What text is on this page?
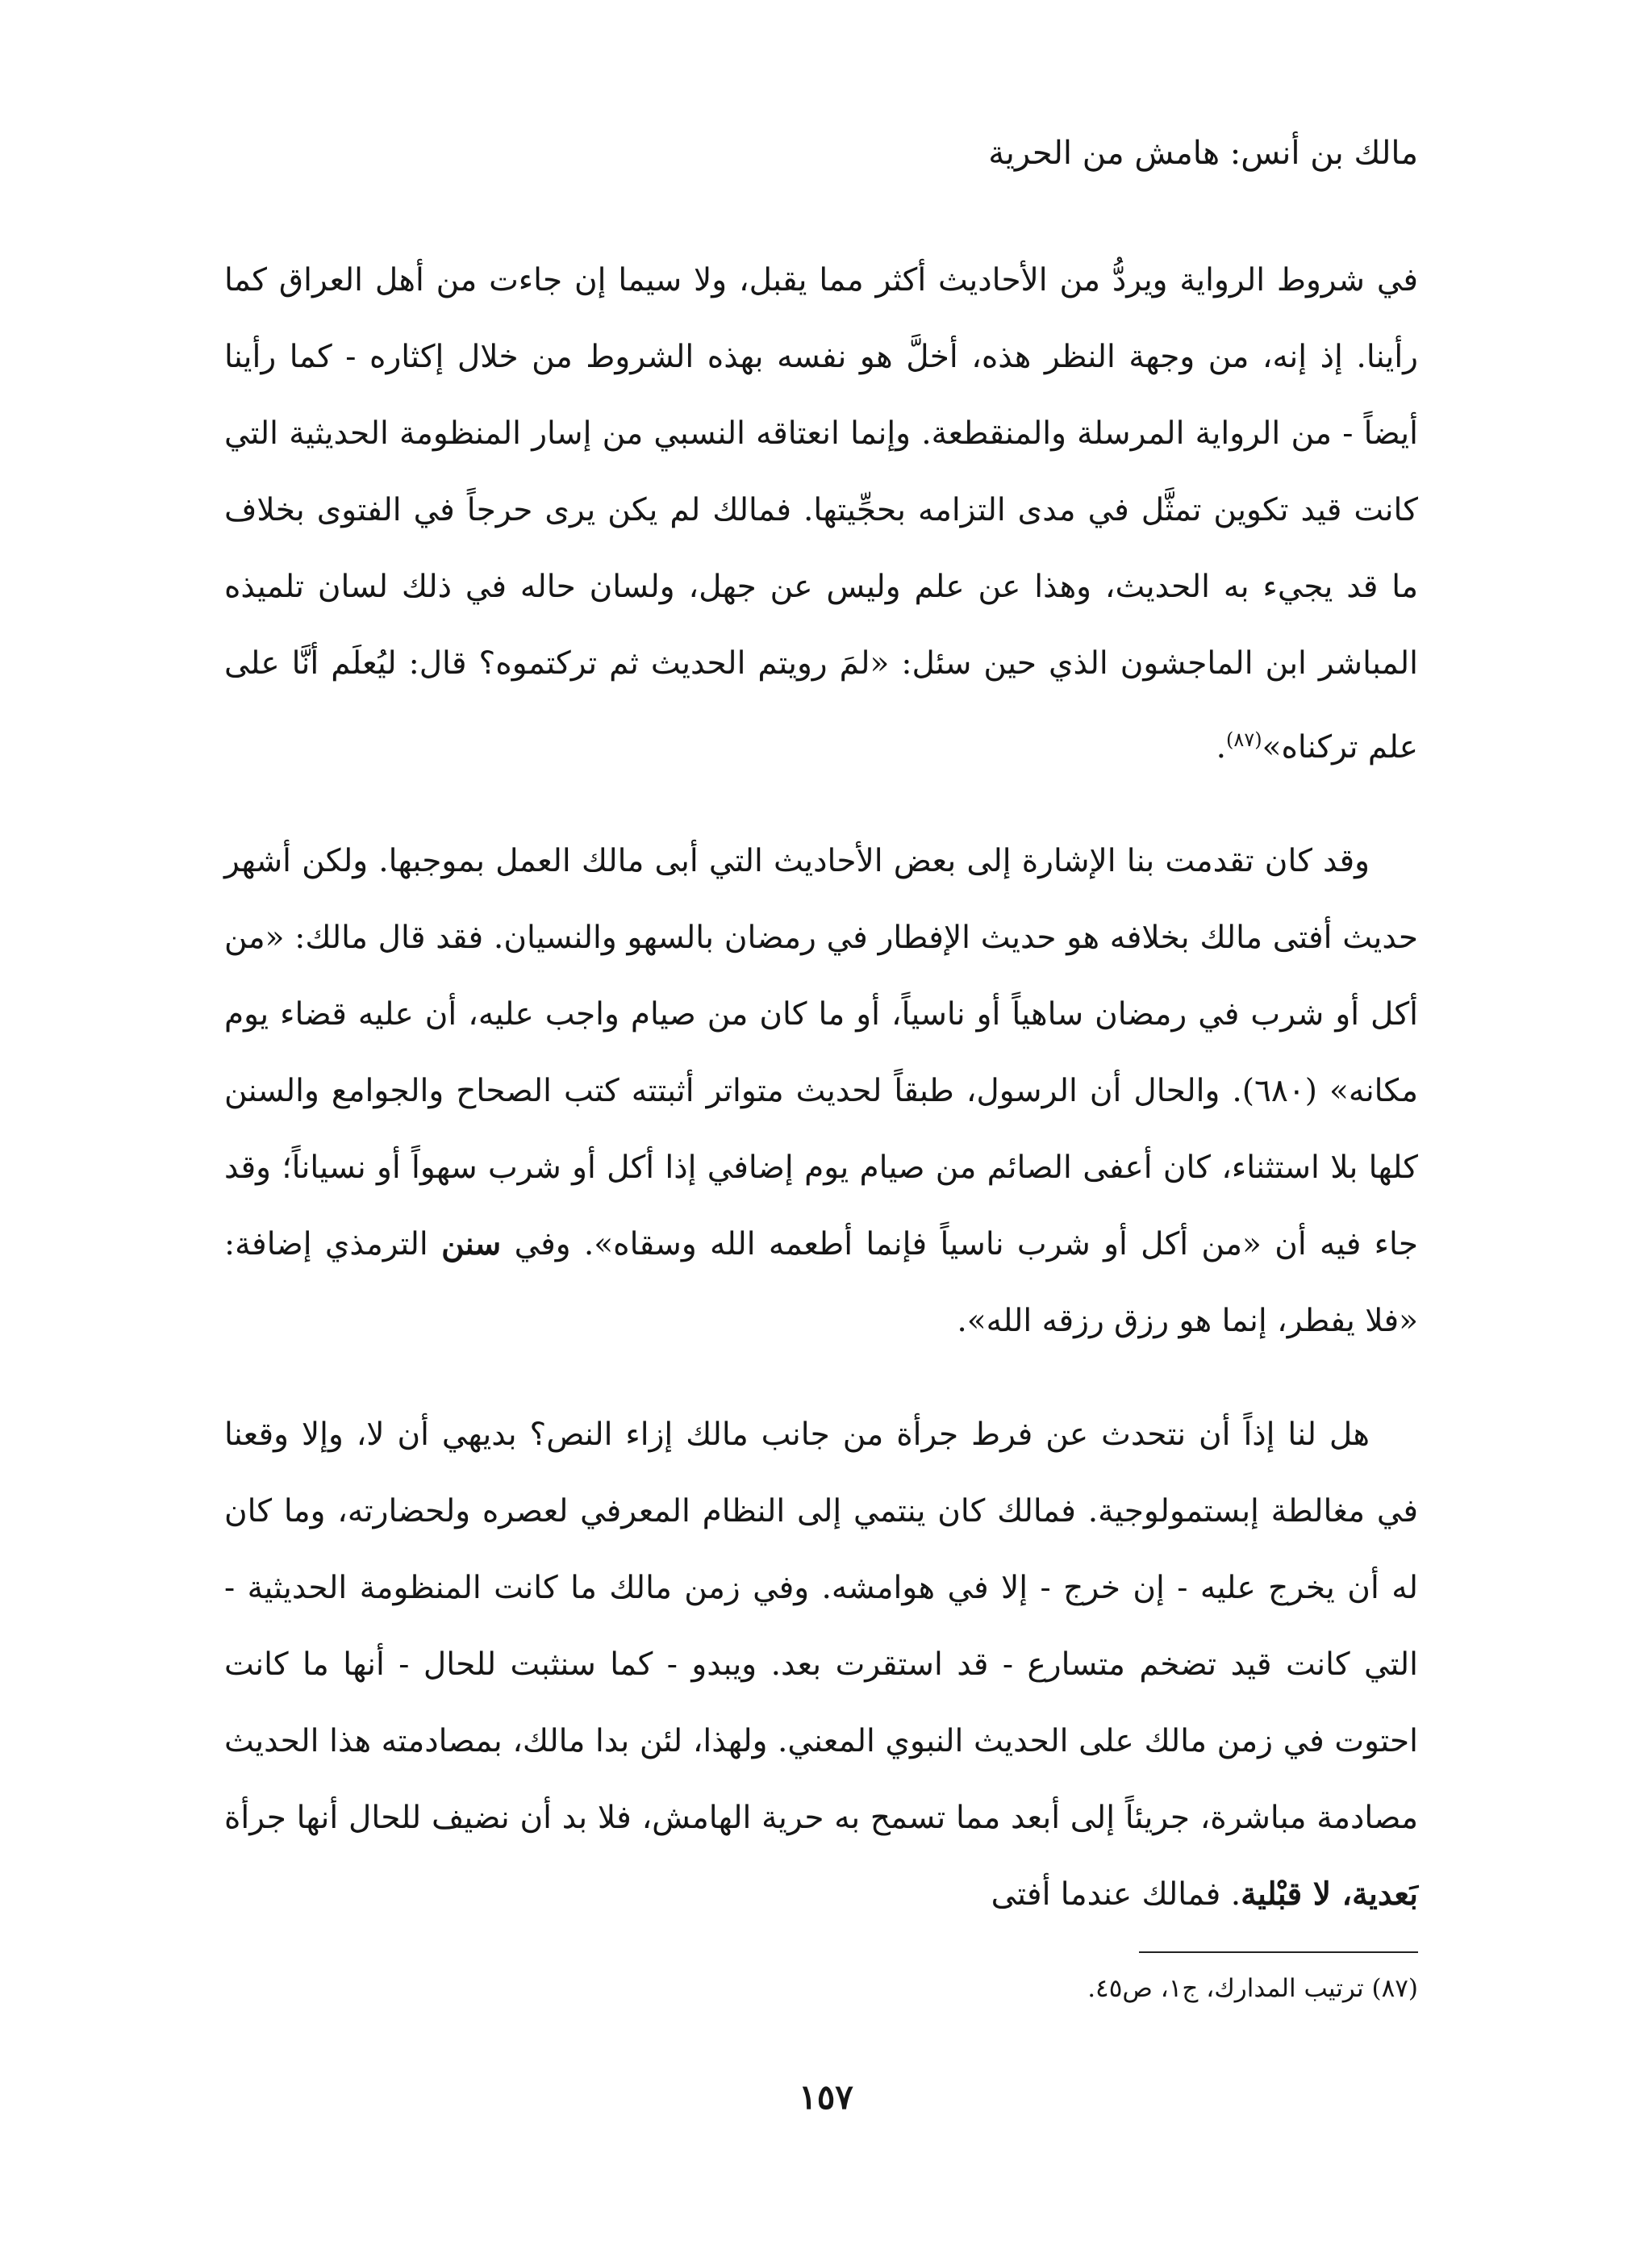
مالك بن أنس: هامش من الحرية

في شروط الرواية ويردُّ من الأحاديث أكثر مما يقبل، ولا سيما إن جاءت من أهل العراق كما رأينا. إذ إنه، من وجهة النظر هذه، أخلَّ هو نفسه بهذه الشروط من خلال إكثاره - كما رأينا أيضاً - من الرواية المرسلة والمنقطعة. وإنما انعتاقه النسبي من إسار المنظومة الحديثية التي كانت قيد تكوين تمثَّل في مدى التزامه بحجِّيتها. فمالك لم يكن يرى حرجاً في الفتوى بخلاف ما قد يجيء به الحديث، وهذا عن علم وليس عن جهل، ولسان حاله في ذلك لسان تلميذه المباشر ابن الماجشون الذي حين سئل: «لمَ رويتم الحديث ثم تركتموه؟ قال: ليُعلَم أنَّا على علم تركناه»$^{(٨٧)}$.

وقد كان تقدمت بنا الإشارة إلى بعض الأحاديث التي أبى مالك العمل بموجبها. ولكن أشهر حديث أفتى مالك بخلافه هو حديث الإفطار في رمضان بالسهو والنسيان. فقد قال مالك: «من أكل أو شرب في رمضان ساهياً أو ناسياً، أو ما كان من صيام واجب عليه، أن عليه قضاء يوم مكانه» (٦٨٠). والحال أن الرسول، طبقاً لحديث متواتر أثبتته كتب الصحاح والجوامع والسنن كلها بلا استثناء، كان أعفى الصائم من صيام يوم إضافي إذا أكل أو شرب سهواً أو نسياناً؛ وقد جاء فيه أن «من أكل أو شرب ناسياً فإنما أطعمه الله وسقاه». وفي سنن الترمذي إضافة: «فلا يفطر، إنما هو رزق رزقه الله».

هل لنا إذاً أن نتحدث عن فرط جرأة من جانب مالك إزاء النص؟ بديهي أن لا، وإلا وقعنا في مغالطة إبستمولوجية. فمالك كان ينتمي إلى النظام المعرفي لعصره ولحضارته، وما كان له أن يخرج عليه - إن خرج - إلا في هوامشه. وفي زمن مالك ما كانت المنظومة الحديثية - التي كانت قيد تضخم متسارع - قد استقرت بعد. ويبدو - كما سنثبت للحال - أنها ما كانت احتوت في زمن مالك على الحديث النبوي المعني. ولهذا، لئن بدا مالك، بمصادمته هذا الحديث مصادمة مباشرة، جريئاً إلى أبعد مما تسمح به حرية الهامش، فلا بد أن نضيف للحال أنها جرأة بَعدية، لا قبْلية. فمالك عندما أفتى

(٨٧) ترتيب المدارك، ج١، ص٤٥.
١٥٧
